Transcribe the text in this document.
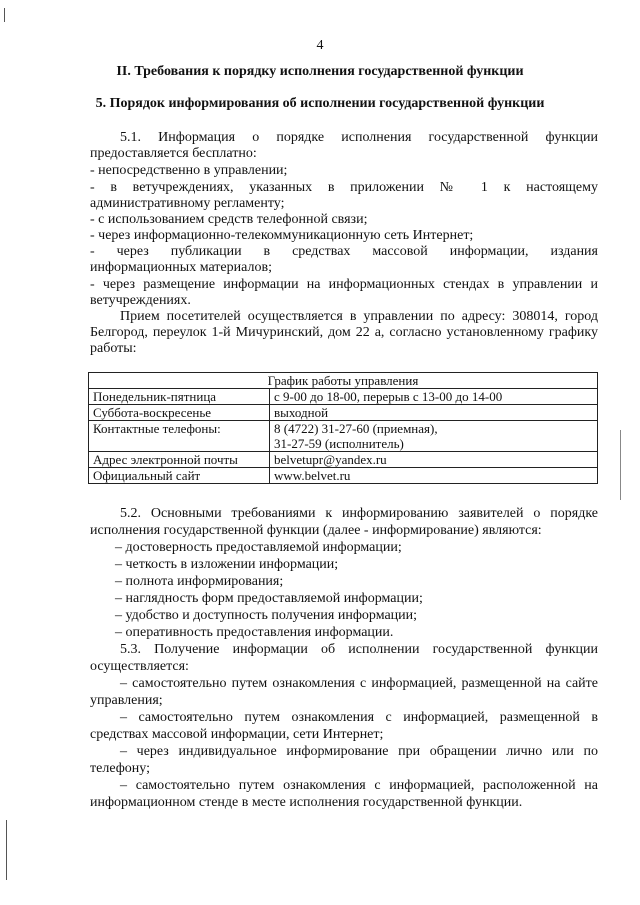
4
II. Требования к порядку исполнения государственной функции
5. Порядок информирования об исполнении государственной функции
5.1. Информация о порядке исполнения государственной функции
предоставляется бесплатно:
- непосредственно в управлении;
- в ветучреждениях, указанных в приложении № 1 к настоящему
административному регламенту;
- с использованием средств телефонной связи;
- через информационно-телекоммуникационную сеть Интернет;
- через публикации в средствах массовой информации, издания
информационных материалов;
- через размещение информации на информационных стендах в управлении и
ветучреждениях.
Прием посетителей осуществляется в управлении по адресу: 308014, город Белгород, переулок 1-й Мичуринский, дом 22 а, согласно установленному графику работы:
График работы управления	
Понедельник-пятница	с 9-00 до 18-00, перерыв с 13-00 до 14-00
Суббота-воскресенье	выходной
Контактные телефоны:	8 (4722) 31-27-60 (приемная),
31-27-59 (исполнитель)

Адрес электронной почты	belvetupr@yandex.ru
Официальный сайт	www.belvet.ru
5.2. Основными требованиями к информированию заявителей о порядке исполнения государственной функции (далее - информирование) являются:
– достоверность предоставляемой информации;
– четкость в изложении информации;
– полнота информирования;
– наглядность форм предоставляемой информации;
– удобство и доступность получения информации;
– оперативность предоставления информации.
5.3. Получение информации об исполнении государственной функции осуществляется:
– самостоятельно путем ознакомления с информацией, размещенной на сайте управления;
– самостоятельно путем ознакомления с информацией, размещенной в средствах массовой информации, сети Интернет;
– через индивидуальное информирование при обращении лично или по телефону;
– самостоятельно путем ознакомления с информацией, расположенной на информационном стенде в месте исполнения государственной функции.
